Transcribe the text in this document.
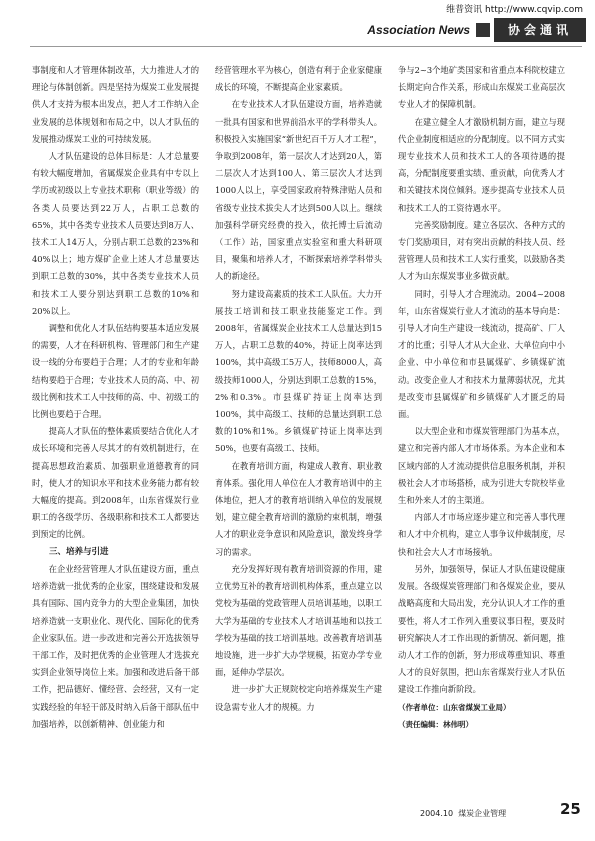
维普资讯 http://www.cqvip.com
Association News	协会通讯

事制度和人才管理体制改革，大力推进人才的理论与体制创新。四是坚持为煤炭工业发展提供人才支持为根本出发点，把人才工作纳入企业发展的总体规划和布局之中，以人才队伍的发展推动煤炭工业的可持续发展。

人才队伍建设的总体目标是：人才总量要有较大幅度增加，省属煤炭企业具有中专以上学历或初级以上专业技术职称（职业等级）的各类人员要达到22万人，占职工总数的65%，其中各类专业技术人员要达到8万人、技术工人14万人，分别占职工总数的23%和40%以上；地方煤矿企业上述人才总量要达到职工总数的30%，其中各类专业技术人员和技术工人要分别达到职工总数的10%和20%以上。

调整和优化人才队伍结构要基本适应发展的需要，人才在科研机构、管理部门和生产建设一线的分布要趋于合理；人才的专业和年龄结构要趋于合理；专业技术人员的高、中、初级比例和技术工人中技师的高、中、初级工的比例也要趋于合理。

提高人才队伍的整体素质要结合优化人才成长环境和完善人尽其才的有效机制进行，在提高思想政治素质、加强职业道德教育的同时，使人才的知识水平和技术业务能力都有较大幅度的提高。到2008年，山东省煤炭行业职工的各级学历、各级职称和技术工人都要达到预定的比例。

三、培养与引进

在企业经营管理人才队伍建设方面，重点培养造就一批优秀的企业家，围绕建设和发展具有国际、国内竞争力的大型企业集团，加快培养造就一支职业化、现代化、国际化的优秀企业家队伍。进一步改进和完善公开选拔领导干部工作，及时把优秀的企业管理人才选拔充实到企业领导岗位上来。加强和改进后备干部工作，把品德好、懂经营、会经营，又有一定实践经验的年轻干部及时纳入后备干部队伍中加强培养，以创新精神、创业能力和

经营管理水平为核心，创造有利于企业家健康成长的环境，不断提高企业家素质。

在专业技术人才队伍建设方面，培养造就一批具有国家和世界前沿水平的学科带头人。积极投入实施国家“新世纪百千万人才工程”，争取到2008年，第一层次人才达到20人，第二层次人才达到100人、第三层次人才达到1000人以上，享受国家政府特殊津贴人员和省级专业技术拔尖人才达到500人以上。继续加强科学研究经费的投入，依托博士后流动（工作）站，国家重点实验室和重大科研项目，聚集和培养人才，不断探索培养学科带头人的新途径。

努力建设高素质的技术工人队伍。大力开展技工培训和技工职业技能鉴定工作。到2008年，省属煤炭企业技术工人总量达到15万人，占职工总数的40%，持证上岗率达到100%，其中高级工5万人，技师8000人，高级技师1000人，分别达到职工总数的15%，2%和0.3%。市县煤矿持证上岗率达到100%，其中高级工、技师的总量达到职工总数的10%和1%。乡镇煤矿持证上岗率达到50%，也要有高级工、技师。

在教育培训方面，构建成人教育、职业教育体系。强化用人单位在人才教育培训中的主体地位，把人才的教育培训纳入单位的发展规划，建立健全教育培训的激励约束机制，增强人才的职业竞争意识和风险意识，激发终身学习的需求。

充分发挥好现有教育培训资源的作用，建立优势互补的教育培训机构体系，重点建立以党校为基础的党政管理人员培训基地，以职工大学为基础的专业技术人才培训基地和以技工学校为基础的技工培训基地。改善教育培训基地设施，进一步扩大办学规模，拓宽办学专业面，延伸办学层次。

进一步扩大正规院校定向培养煤炭生产建设急需专业人才的规模。力

争与2~3个地矿类国家和省重点本科院校建立长期定向合作关系，形成山东煤炭工业高层次专业人才的保障机制。

在建立健全人才激励机制方面，建立与现代企业制度相适应的分配制度。以不同方式实现专业技术人员和技术工人的各项待遇的提高，分配制度要重实绩、重贡献，向优秀人才和关键技术岗位倾斜。逐步提高专业技术人员和技术工人的工资待遇水平。

完善奖励制度。建立各层次、各种方式的专门奖励项目，对有突出贡献的科技人员、经营管理人员和技术工人实行重奖，以鼓励各类人才为山东煤炭事业多做贡献。

同时，引导人才合理流动。2004~2008年，山东省煤炭行业人才流动的基本导向是：引导人才向生产建设一线流动，提高矿、厂人才的比重；引导人才从大企业、大单位向中小企业、中小单位和市县属煤矿、乡镇煤矿流动。改变企业人才和技术力量薄弱状况，尤其是改变市县属煤矿和乡镇煤矿人才匮乏的局面。

以大型企业和市煤炭管理部门为基本点，建立和完善内部人才市场体系。为本企业和本区域内部的人才流动提供信息服务机制，并积极社会人才市场搭桥，成为引进大专院校毕业生和外来人才的主渠道。

内部人才市场应逐步建立和完善人事代理和人才中介机构，建立人事争议仲裁制度，尽快和社会大人才市场接轨。

另外，加强领导，保证人才队伍建设健康发展。各级煤炭管理部门和各煤炭企业，要从战略高度和大局出发，充分认识人才工作的重要性，将人才工作列入重要议事日程，要及时研究解决人才工作出现的新情况、新问题，推动人才工作的创新，努力形成尊重知识、尊重人才的良好氛围，把山东省煤炭行业人才队伍建设工作推向新阶段。

（作者单位：山东省煤炭工业局）

（责任编辑：林伟明）

2004.10 煤炭企业管理	25
